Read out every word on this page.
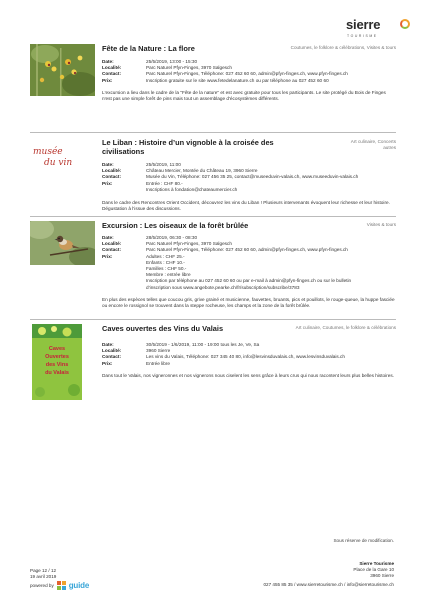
sierre
TOURISME
Fête de la Nature : La flore	Coutumes, le folklore & célébrations, Visites & tours
Date:	25/5/2019, 13:00 - 15:30
Localité:	Parc Naturel Pfyn-Finges, 3970 Salgesch
Contact:	Parc Naturel Pfyn-Finges, Téléphone: 027 452 60 60, admin@pfyn-finges.ch, www.pfyn-finges.ch
Prix:	Inscription gratuite sur le site www.fetedelanature.ch ou par téléphone au 027 452 60 60
L'excursion a lieu dans le cadre de la "Fête de la nature" et est avec gratuite pour tous les participants. Le site protégé du Bois de Finges n'est pas une simple forêt de pins mais tout un assemblage d'écosystèmes différents.
musée
du vin
Le Liban : Histoire d’un vignoble à la croisée des civilisations
Art culinaire, Concerts autres
Date:	25/5/2019, 11:00
Localité:	Château Mercier, Montée du Château 19, 3960 Sierre
Contact:	Musée du Vin, Téléphone: 027 456 35 25, contact@museeduvin-valais.ch, www.museeduvin-valais.ch
Prix:	Entrée : CHF 80.-
Inscriptions à fondation@chateaumercier.ch
Dans le cadre des Rencontres Orient Occident, découvrez les vins du Liban ! Plusieurs intervenants évoquent leur richesse et leur histoire. Dégustation à l’issue des discussions.
Excursion : Les oiseaux de la forêt brûlée	Visites & tours
Date:	28/5/2019, 06:30 - 08:30
Localité:	Parc Naturel Pfyn-Finges, 3970 Salgesch
Contact:	Parc Naturel Pfyn-Finges, Téléphone: 027 452 60 60, admin@pfyn-finges.ch, www.pfyn-finges.ch
Prix:	Adultes : CHF 25.-
Enfants : CHF 10.-
Familles : CHF 50.-
Membre : entrée libre
Inscription par téléphone au 027 452 60 60 ou par e-mail à admin@pfyn-finges.ch ou sur le bulletin
d’inscription sous www.angebote.pearke.ch/fr/subscription/subscribe/3783
En plus des espèces telles que coucou gris, grive grainé et musicienne, fauvettes, bruants, pics et pouillots, le rouge-queue, la huppe fasciée ou encore le rossignol se trouvent dans la steppe rocheuse, les champs et la zone de la forêt brûlée.
Caves
Ouvertes
des Vins
du Valais
Caves ouvertes des Vins du Valais	Art culinaire, Coutumes, le folklore & célébrations
Date:	30/5/2019 - 1/6/2019, 11:00 - 19:00 tous les Je, Ve, Sa
Localité:	3960 Sierre
Contact:	Les vins du Valais, Téléphone: 027 345 40 80, info@lesvinsduvalais.ch, www.lesvinsduvalais.ch
Prix:	Entrée libre
Dans tout le Valais, nos vigneronnes et nos vignerons nous ciselent les sens grâce à leurs crus qui nous racontent leurs plus belles histoires.
Sous réserve de modification.
Page 12 / 12
19 avril 2019
powered by guide
Sierre Tourisme
Place de la Gare 10
3960 Sierre
027 455 85 35 / www.sierretourisme.ch / info@sierretourisme.ch
